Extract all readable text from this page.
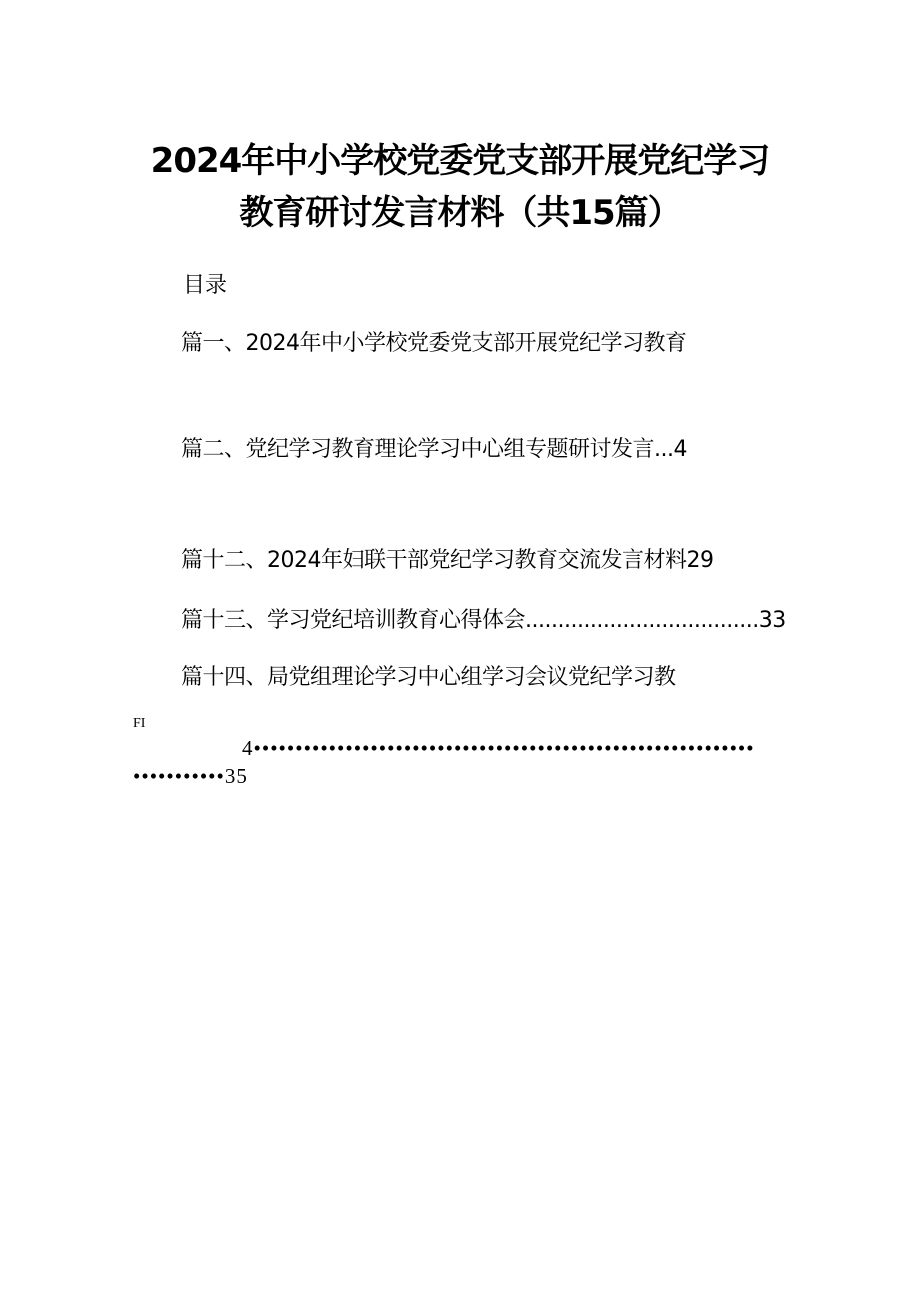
2024年中小学校党委党支部开展党纪学习
教育研讨发言材料（共15篇）
目录
篇一、2024年中小学校党委党支部开展党纪学习教育
篇二、党纪学习教育理论学习中心组专题研讨发言...4
篇十二、2024年妇联干部党纪学习教育交流发言材料29
篇十三、学习党纪培训教育心得体会....................................33
篇十四、局党组理论学习中心组学习会议党纪学习教
FI
4••••••••••••••••••••••••••••••••••••••••••••••••••••••••••••
•••••••••••35
